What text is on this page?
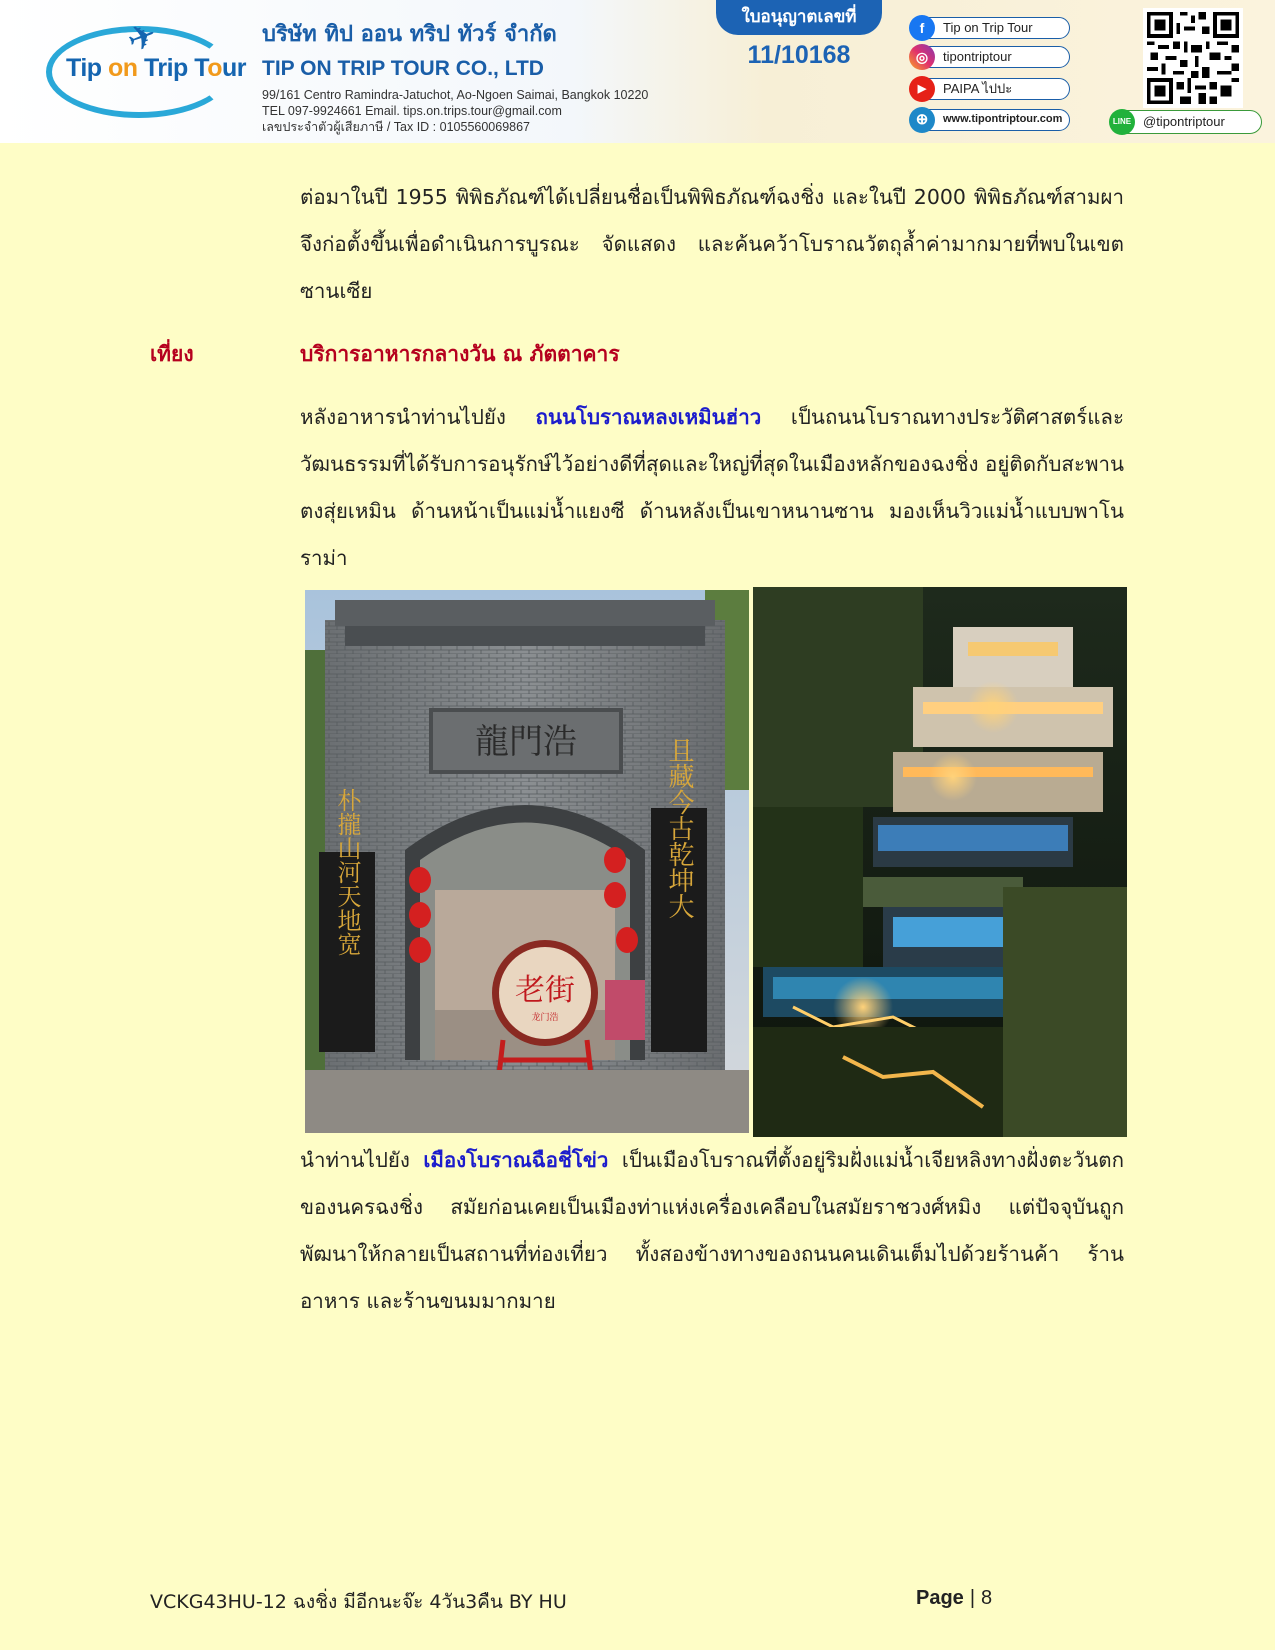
✈
Tip on Trip Tour
บริษัท ทิป ออน ทริป ทัวร์ จำกัด
TIP ON TRIP TOUR CO., LTD
99/161 Centro Ramindra-Jatuchot, Ao-Ngoen Saimai, Bangkok 10220
TEL 097-9924661 Email. tips.on.trips.tour@gmail.com
เลขประจำตัวผู้เสียภาษี / Tax ID : 0105560069867
ใบอนุญาตเลขที่
11/10168
f	Tip on Trip Tour
◎	tipontriptour
▶	PAIPA ไปปะ
⊕	www.tipontriptour.com	LINE @tipontriptour
ต่อมาในปี 1955 พิพิธภัณฑ์ได้เปลี่ยนชื่อเป็นพิพิธภัณฑ์ฉงชิ่ง และในปี 2000 พิพิธภัณฑ์สามผาจึงก่อตั้งขึ้นเพื่อดำเนินการบูรณะ จัดแสดง และค้นคว้าโบราณวัตถุล้ำค่ามากมายที่พบในเขตซานเซีย
เที่ยง	บริการอาหารกลางวัน ณ ภัตตาคาร
หลังอาหารนำท่านไปยัง ถนนโบราณหลงเหมินฮ่าว เป็นถนนโบราณทางประวัติศาสตร์และวัฒนธรรมที่ได้รับการอนุรักษ์ไว้อย่างดีที่สุดและใหญ่ที่สุดในเมืองหลักของฉงชิ่ง อยู่ติดกับสะพานตงสุ่ยเหมิน ด้านหน้าเป็นแม่น้ำแยงซี ด้านหลังเป็นเขาหนานซาน มองเห็นวิวแม่น้ำแบบพาโนราม่า
龍門浩
朴攏山河天地宽	且藏今古乾坤大
老街
龙门浩
นำท่านไปยัง เมืองโบราณฉือชี่โข่ว เป็นเมืองโบราณที่ตั้งอยู่ริมฝั่งแม่น้ำเจียหลิงทางฝั่งตะวันตกของนครฉงชิ่ง สมัยก่อนเคยเป็นเมืองท่าแห่งเครื่องเคลือบในสมัยราชวงศ์หมิง แต่ปัจจุบันถูกพัฒนาให้กลายเป็นสถานที่ท่องเที่ยว ทั้งสองข้างทางของถนนคนเดินเต็มไปด้วยร้านค้า ร้านอาหาร และร้านขนมมากมาย
VCKG43HU-12 ฉงชิ่ง มีอีกนะจ๊ะ 4วัน3คืน BY HU	Page | 8
